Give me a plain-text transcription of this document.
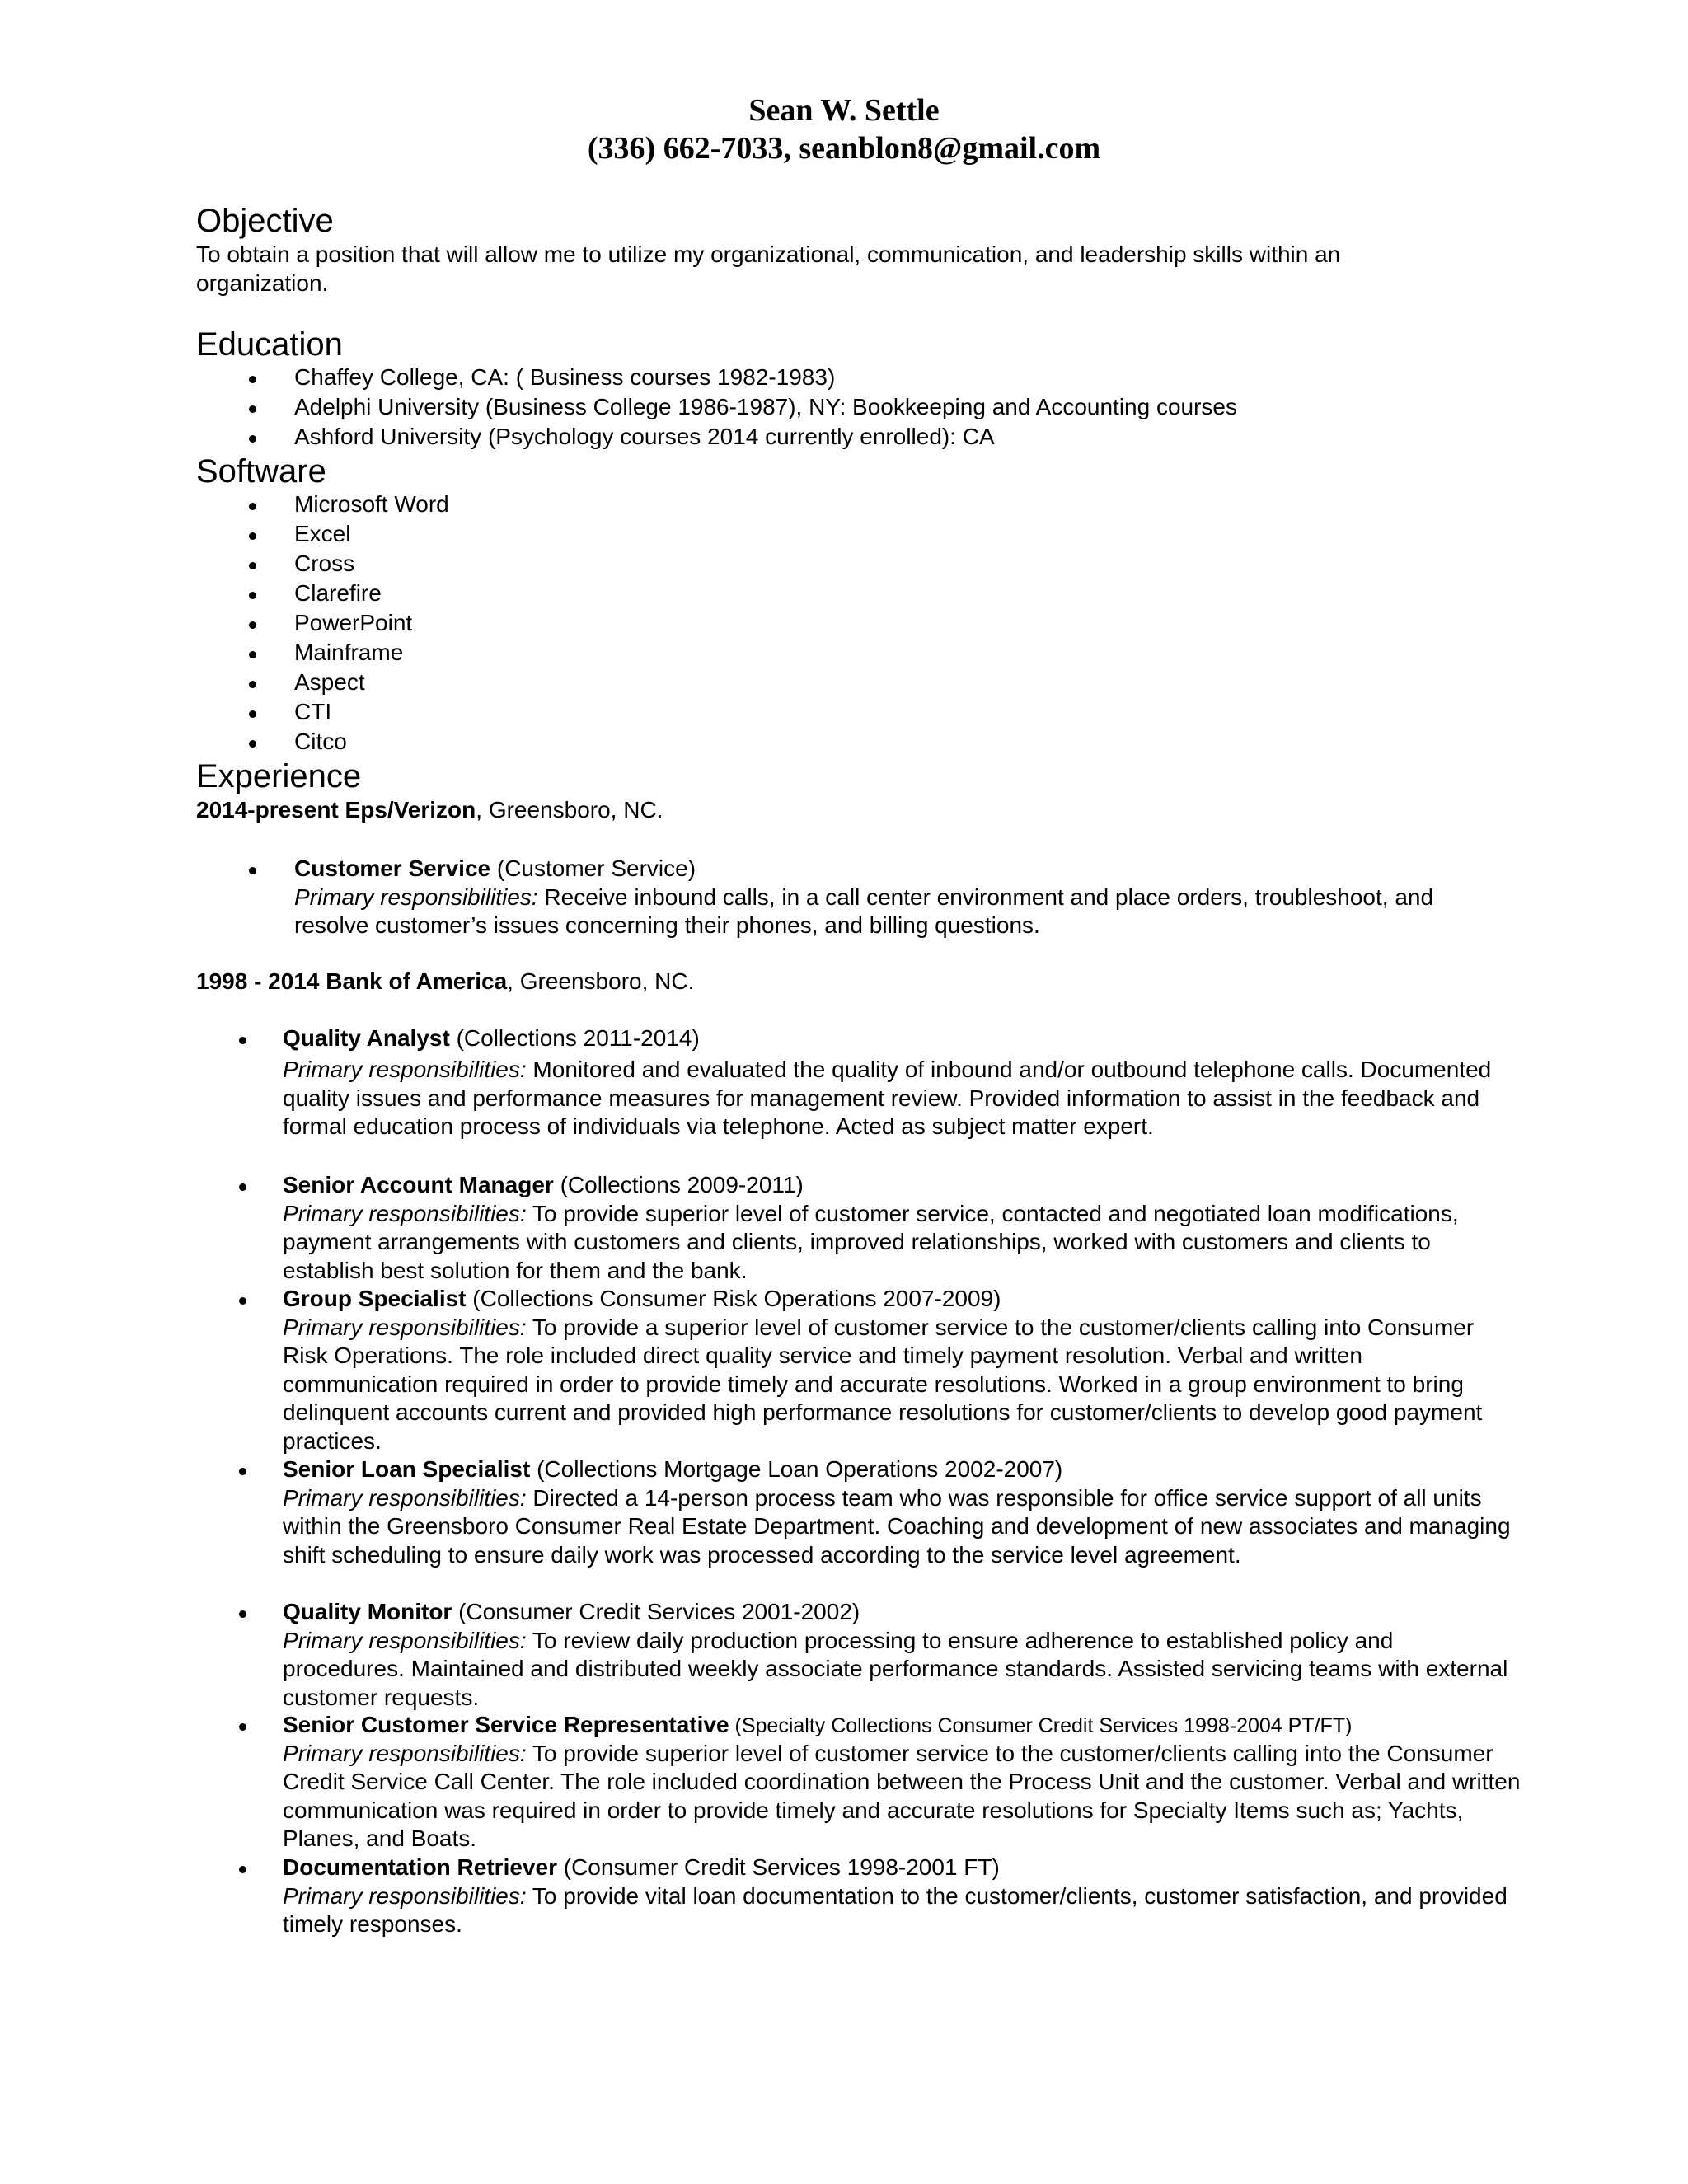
Sean W. Settle
(336) 662-7033, seanblon8@gmail.com
Objective
To obtain a position that will allow me to utilize my organizational, communication, and leadership skills within an organization.
Education
Chaffey College, CA: ( Business courses 1982-1983)
Adelphi University (Business College 1986-1987), NY: Bookkeeping and Accounting courses
Ashford University (Psychology courses 2014 currently enrolled): CA
Software
Microsoft Word
Excel
Cross
Clarefire
PowerPoint
Mainframe
Aspect
CTI
Citco
Experience
2014-present Eps/Verizon, Greensboro, NC.
Customer Service (Customer Service)
Primary responsibilities: Receive inbound calls, in a call center environment and place orders, troubleshoot, and resolve customer’s issues concerning their phones, and billing questions.
1998 - 2014 Bank of America, Greensboro, NC.
Quality Analyst (Collections 2011-2014)
Primary responsibilities: Monitored and evaluated the quality of inbound and/or outbound telephone calls. Documented quality issues and performance measures for management review. Provided information to assist in the feedback and formal education process of individuals via telephone. Acted as subject matter expert.
Senior Account Manager (Collections 2009-2011)
Primary responsibilities: To provide superior level of customer service, contacted and negotiated loan modifications, payment arrangements with customers and clients, improved relationships, worked with customers and clients to establish best solution for them and the bank.
Group Specialist (Collections Consumer Risk Operations 2007-2009)
Primary responsibilities: To provide a superior level of customer service to the customer/clients calling into Consumer Risk Operations. The role included direct quality service and timely payment resolution. Verbal and written communication required in order to provide timely and accurate resolutions. Worked in a group environment to bring delinquent accounts current and provided high performance resolutions for customer/clients to develop good payment practices.
Senior Loan Specialist (Collections Mortgage Loan Operations 2002-2007)
Primary responsibilities: Directed a 14-person process team who was responsible for office service support of all units within the Greensboro Consumer Real Estate Department. Coaching and development of new associates and managing shift scheduling to ensure daily work was processed according to the service level agreement.
Quality Monitor (Consumer Credit Services 2001-2002)
Primary responsibilities: To review daily production processing to ensure adherence to established policy and procedures. Maintained and distributed weekly associate performance standards. Assisted servicing teams with external customer requests.
Senior Customer Service Representative (Specialty Collections Consumer Credit Services 1998-2004 PT/FT)
Primary responsibilities: To provide superior level of customer service to the customer/clients calling into the Consumer Credit Service Call Center. The role included coordination between the Process Unit and the customer. Verbal and written communication was required in order to provide timely and accurate resolutions for Specialty Items such as; Yachts, Planes, and Boats.
Documentation Retriever (Consumer Credit Services 1998-2001 FT)
Primary responsibilities: To provide vital loan documentation to the customer/clients, customer satisfaction, and provided timely responses.
